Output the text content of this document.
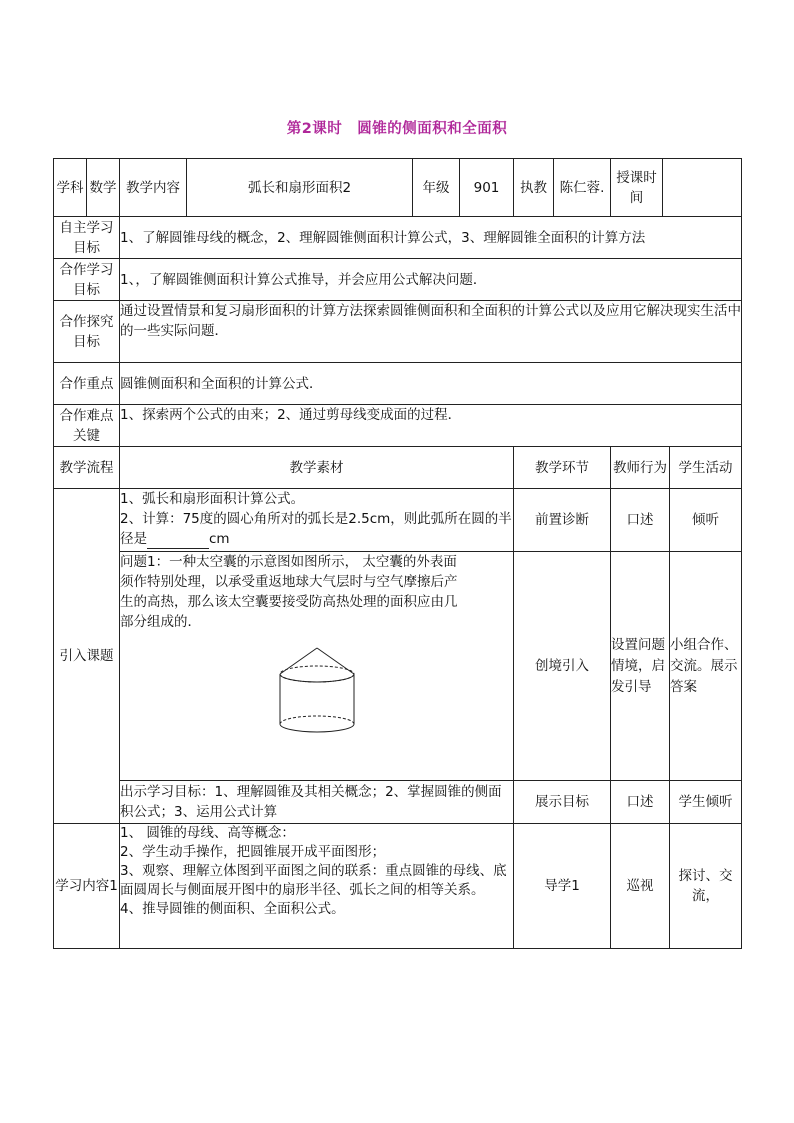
第2课时　圆锥的侧面积和全面积
学科	数学	教学内容	弧长和扇形面积2	年级	901	执教	陈仁蓉.	授课时间		
自主学习目标		1、了解圆锥母线的概念，2、理解圆锥侧面积计算公式，3、理解圆锥全面积的计算方法								
合作学习目标		1、，了解圆锥侧面积计算公式推导，并会应用公式解决问题．								
合作探究目标		通过设置情景和复习扇形面积的计算方法探索圆锥侧面积和全面积的计算公式以及应用它解决现实生活中的一些实际问题．								
合作重点		圆锥侧面积和全面积的计算公式．								
合作难点关键		1、探索两个公式的由来；2、通过剪母线变成面的过程．								
教学流程		教学素材				教学环节		教师行为		学生活动
引入课题		1、弧长和扇形面积计算公式。
2、计算：75度的圆心角所对的弧长是2.5cm，则此弧所在圆的半径是 cm				前置诊断		口述		倾听

		问题1：一种太空囊的示意图如图所示， 太空囊的外表面须作特别处理，以承受重返地球大气层时与空气摩擦后产生的高热，那么该太空囊要接受防高热处理的面积应由几部分组成的．				创境引入		设置问题情境，启发引导		小组合作、交流。展示答案
		出示学习目标：1、理解圆锥及其相关概念；2、掌握圆锥的侧面积公式；3、运用公式计算				展示目标		口述		学生倾听
学习内容1		1、 圆锥的母线、高等概念：
2、学生动手操作，把圆锥展开成平面图形；
3、观察、理解立体图到平面图之间的联系：重点圆锥的母线、底面圆周长与侧面展开图中的扇形半径、弧长之间的相等关系。
4、推导圆锥的侧面积、全面积公式。				导学1		巡视		探讨、交流，
